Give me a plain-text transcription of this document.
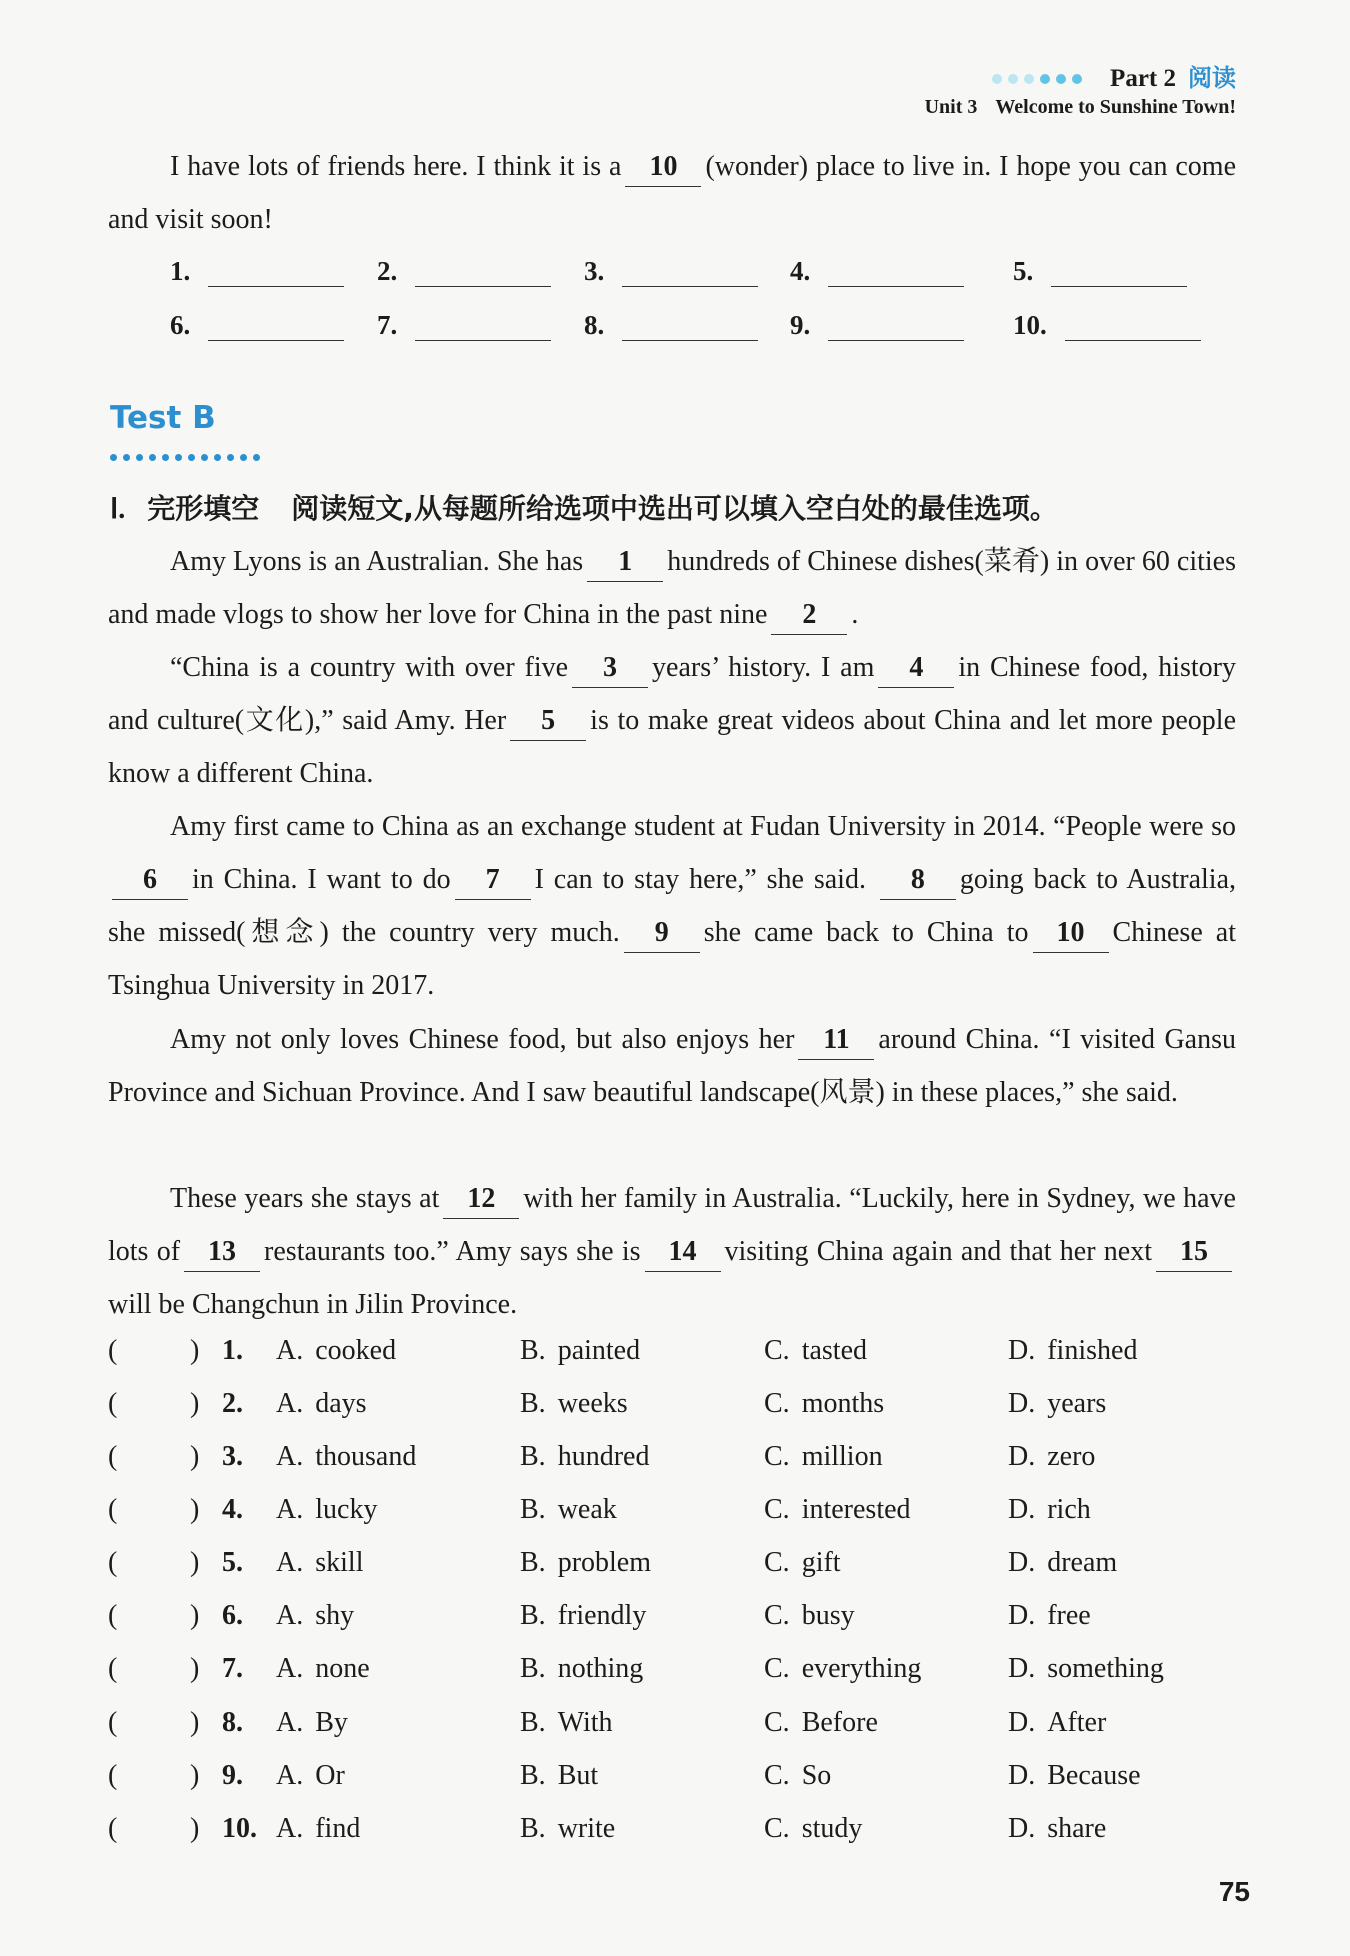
Part 2 阅读
Unit 3 Welcome to Sunshine Town!
I have lots of friends here. I think it is a 10 (wonder) place to live in. I hope you can come and visit soon!
1.	2.	3.	4.	5.
6.	7.	8.	9.	10.
Test B
Ⅰ. 完形填空 阅读短文,从每题所给选项中选出可以填入空白处的最佳选项。
Amy Lyons is an Australian. She has 1 hundreds of Chinese dishes(菜肴) in over 60 cities and made vlogs to show her love for China in the past nine 2 .
“China is a country with over five 3 years’ history. I am 4 in Chinese food, history and culture(文化),” said Amy. Her 5 is to make great videos about China and let more people know a different China.
Amy first came to China as an exchange student at Fudan University in 2014. “People were so6 in China. I want to do 7 I can to stay here,” she said. 8 going back to Australia, she missed(想念) the country very much. 9 she came back to China to 10 Chinese at Tsinghua University in 2017.
Amy not only loves Chinese food, but also enjoys her 11 around China. “I visited Gansu Province and Sichuan Province. And I saw beautiful landscape(风景) in these places,” she said.
These years she stays at 12 with her family in Australia. “Luckily, here in Sydney, we have lots of 13 restaurants too.” Amy says she is 14 visiting China again and that her next 15will be Changchun in Jilin Province.
(	) 1.	A. cooked	B. painted	C. tasted	D. finished
(	) 2.	A. days	B. weeks	C. months	D. years
(	) 3.	A. thousand	B. hundred	C. million	D. zero
(	) 4.	A. lucky	B. weak	C. interested	D. rich
(	) 5.	A. skill	B. problem	C. gift	D. dream
(	) 6.	A. shy	B. friendly	C. busy	D. free
(	) 7.	A. none	B. nothing	C. everything	D. something
(	) 8.	A. By	B. With	C. Before	D. After
(	) 9.	A. Or	B. But	C. So	D. Because
(	) 10. A. find	B. write	C. study	D. share
75
